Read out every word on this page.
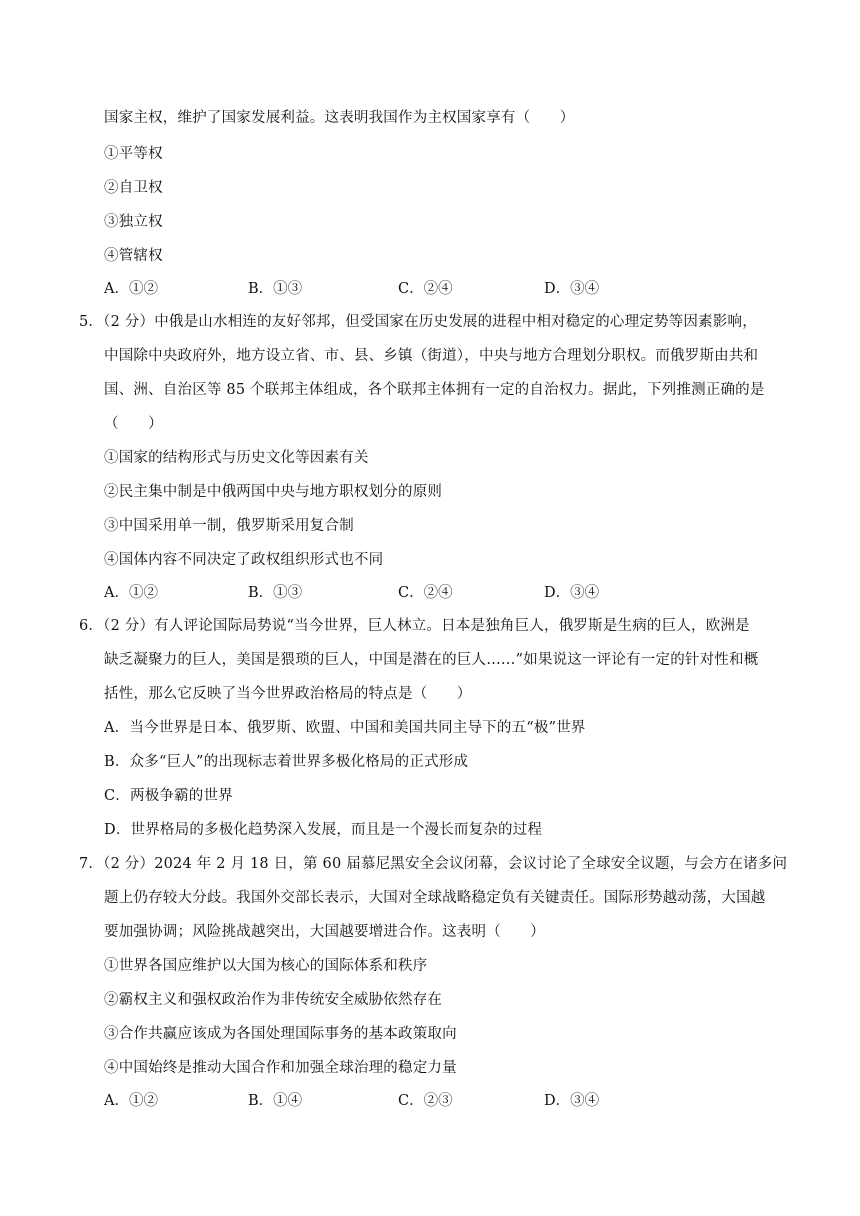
国家主权，维护了国家发展利益。这表明我国作为主权国家享有（　　）
①平等权
②自卫权
③独立权
④管辖权
A．①②	B．①③	C．②④	D．③④
5．（2 分）中俄是山水相连的友好邻邦，但受国家在历史发展的进程中相对稳定的心理定势等因素影响，
中国除中央政府外，地方设立省、市、县、乡镇（街道），中央与地方合理划分职权。而俄罗斯由共和
国、洲、自治区等 85 个联邦主体组成，各个联邦主体拥有一定的自治权力。据此，下列推测正确的是
（　　）
①国家的结构形式与历史文化等因素有关
②民主集中制是中俄两国中央与地方职权划分的原则
③中国采用单一制，俄罗斯采用复合制
④国体内容不同决定了政权组织形式也不同
A．①②	B．①③	C．②④	D．③④
6．（2 分）有人评论国际局势说“当今世界，巨人林立。日本是独角巨人，俄罗斯是生病的巨人，欧洲是
缺乏凝聚力的巨人，美国是猥琐的巨人，中国是潜在的巨人……”如果说这一评论有一定的针对性和概
括性，那么它反映了当今世界政治格局的特点是（　　）
A．当今世界是日本、俄罗斯、欧盟、中国和美国共同主导下的五“极”世界
B．众多“巨人”的出现标志着世界多极化格局的正式形成
C．两极争霸的世界
D．世界格局的多极化趋势深入发展，而且是一个漫长而复杂的过程
7．（2 分）2024 年 2 月 18 日，第 60 届慕尼黑安全会议闭幕，会议讨论了全球安全议题，与会方在诸多问
题上仍存较大分歧。我国外交部长表示，大国对全球战略稳定负有关键责任。国际形势越动荡，大国越
要加强协调；风险挑战越突出，大国越要增进合作。这表明（　　）
①世界各国应维护以大国为核心的国际体系和秩序
②霸权主义和强权政治作为非传统安全威胁依然存在
③合作共赢应该成为各国处理国际事务的基本政策取向
④中国始终是推动大国合作和加强全球治理的稳定力量
A．①②	B．①④	C．②③	D．③④
